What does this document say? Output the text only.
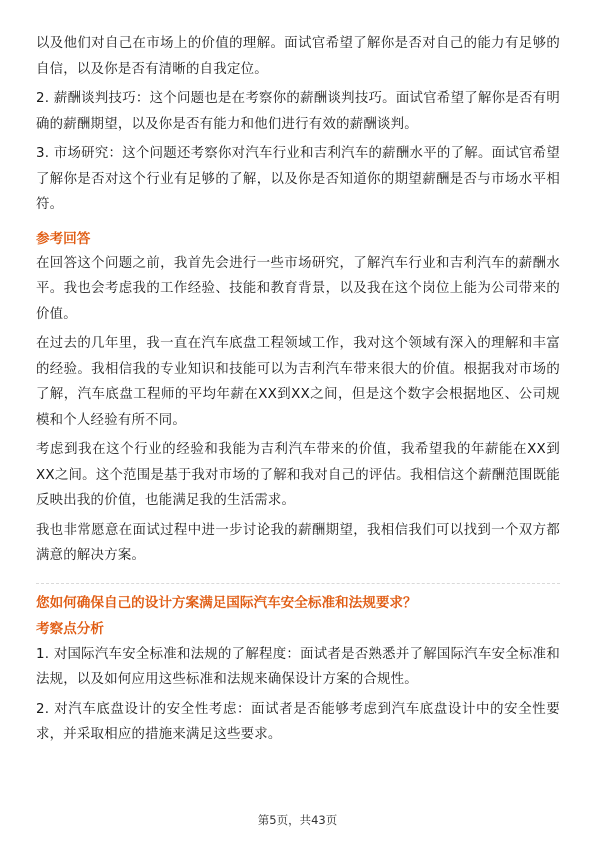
以及他们对自己在市场上的价值的理解。面试官希望了解你是否对自己的能力有足够的自信，以及你是否有清晰的自我定位。

2. 薪酬谈判技巧：这个问题也是在考察你的薪酬谈判技巧。面试官希望了解你是否有明确的薪酬期望，以及你是否有能力和他们进行有效的薪酬谈判。

3. 市场研究：这个问题还考察你对汽车行业和吉利汽车的薪酬水平的了解。面试官希望了解你是否对这个行业有足够的了解，以及你是否知道你的期望薪酬是否与市场水平相符。

参考回答

在回答这个问题之前，我首先会进行一些市场研究，了解汽车行业和吉利汽车的薪酬水平。我也会考虑我的工作经验、技能和教育背景，以及我在这个岗位上能为公司带来的价值。

在过去的几年里，我一直在汽车底盘工程领域工作，我对这个领域有深入的理解和丰富的经验。我相信我的专业知识和技能可以为吉利汽车带来很大的价值。根据我对市场的了解，汽车底盘工程师的平均年薪在XX到XX之间，但是这个数字会根据地区、公司规模和个人经验有所不同。

考虑到我在这个行业的经验和我能为吉利汽车带来的价值，我希望我的年薪能在XX到XX之间。这个范围是基于我对市场的了解和我对自己的评估。我相信这个薪酬范围既能反映出我的价值，也能满足我的生活需求。

我也非常愿意在面试过程中进一步讨论我的薪酬期望，我相信我们可以找到一个双方都满意的解决方案。

您如何确保自己的设计方案满足国际汽车安全标准和法规要求？
考察点分析

1. 对国际汽车安全标准和法规的了解程度：面试者是否熟悉并了解国际汽车安全标准和法规，以及如何应用这些标准和法规来确保设计方案的合规性。

2. 对汽车底盘设计的安全性考虑：面试者是否能够考虑到汽车底盘设计中的安全性要求，并采取相应的措施来满足这些要求。

第5页，共43页
